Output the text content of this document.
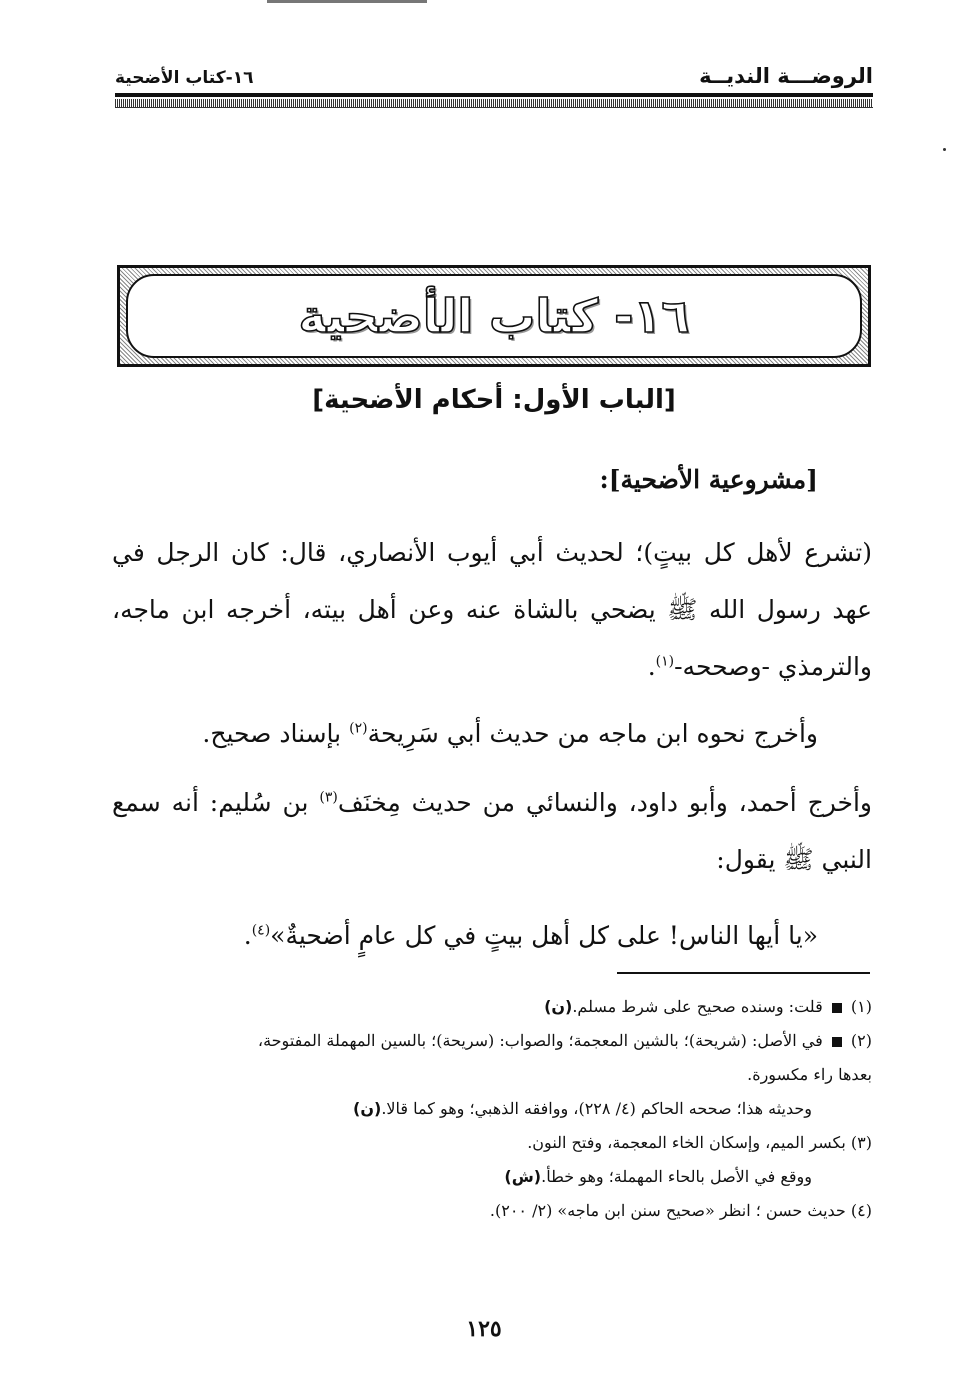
الروضـــة النديــة
١٦-كتاب الأضحية
١٦- كتاب الأضحية
[الباب الأول: أحكام الأضحية]
[مشروعية الأضحية]:
(تشرع لأهل كل بيتٍ)؛ لحديث أبي أيوب الأنصاري، قال: كان الرجل في عهد رسول الله ﷺ يضحي بالشاة عنه وعن أهل بيته، أخرجه ابن ماجه، والترمذي -وصححه-$^{(١)}$.
وأخرج نحوه ابن ماجه من حديث أبي سَرِيحة$^{(٢)}$ بإسناد صحيح.
وأخرج أحمد، وأبو داود، والنسائي من حديث مِخنَف$^{(٣)}$ بن سُليم: أنه سمع النبي ﷺ يقول:
«يا أيها الناس! على كل أهل بيتٍ في كل عامٍ أضحيةٌ»$^{(٤)}$.
(١)  قلت: وسنده صحيح على شرط مسلم.(ن)
(٢)  في الأصل: (شريحة)؛ بالشين المعجمة؛ والصواب: (سريحة)؛ بالسين المهملة المفتوحة،
بعدها راء مكسورة.
وحديثه هذا؛ صححه الحاكم (٤/ ٢٢٨)، ووافقه الذهبي؛ وهو كما قالا.(ن)
(٣) بكسر الميم، وإسكان الخاء المعجمة، وفتح النون.
ووقع في الأصل بالحاء المهملة؛ وهو خطأ.(ش)
(٤) حديث حسن ؛ انظر «صحيح سنن ابن ماجه» (٢/ ٢٠٠).
١٢٥
